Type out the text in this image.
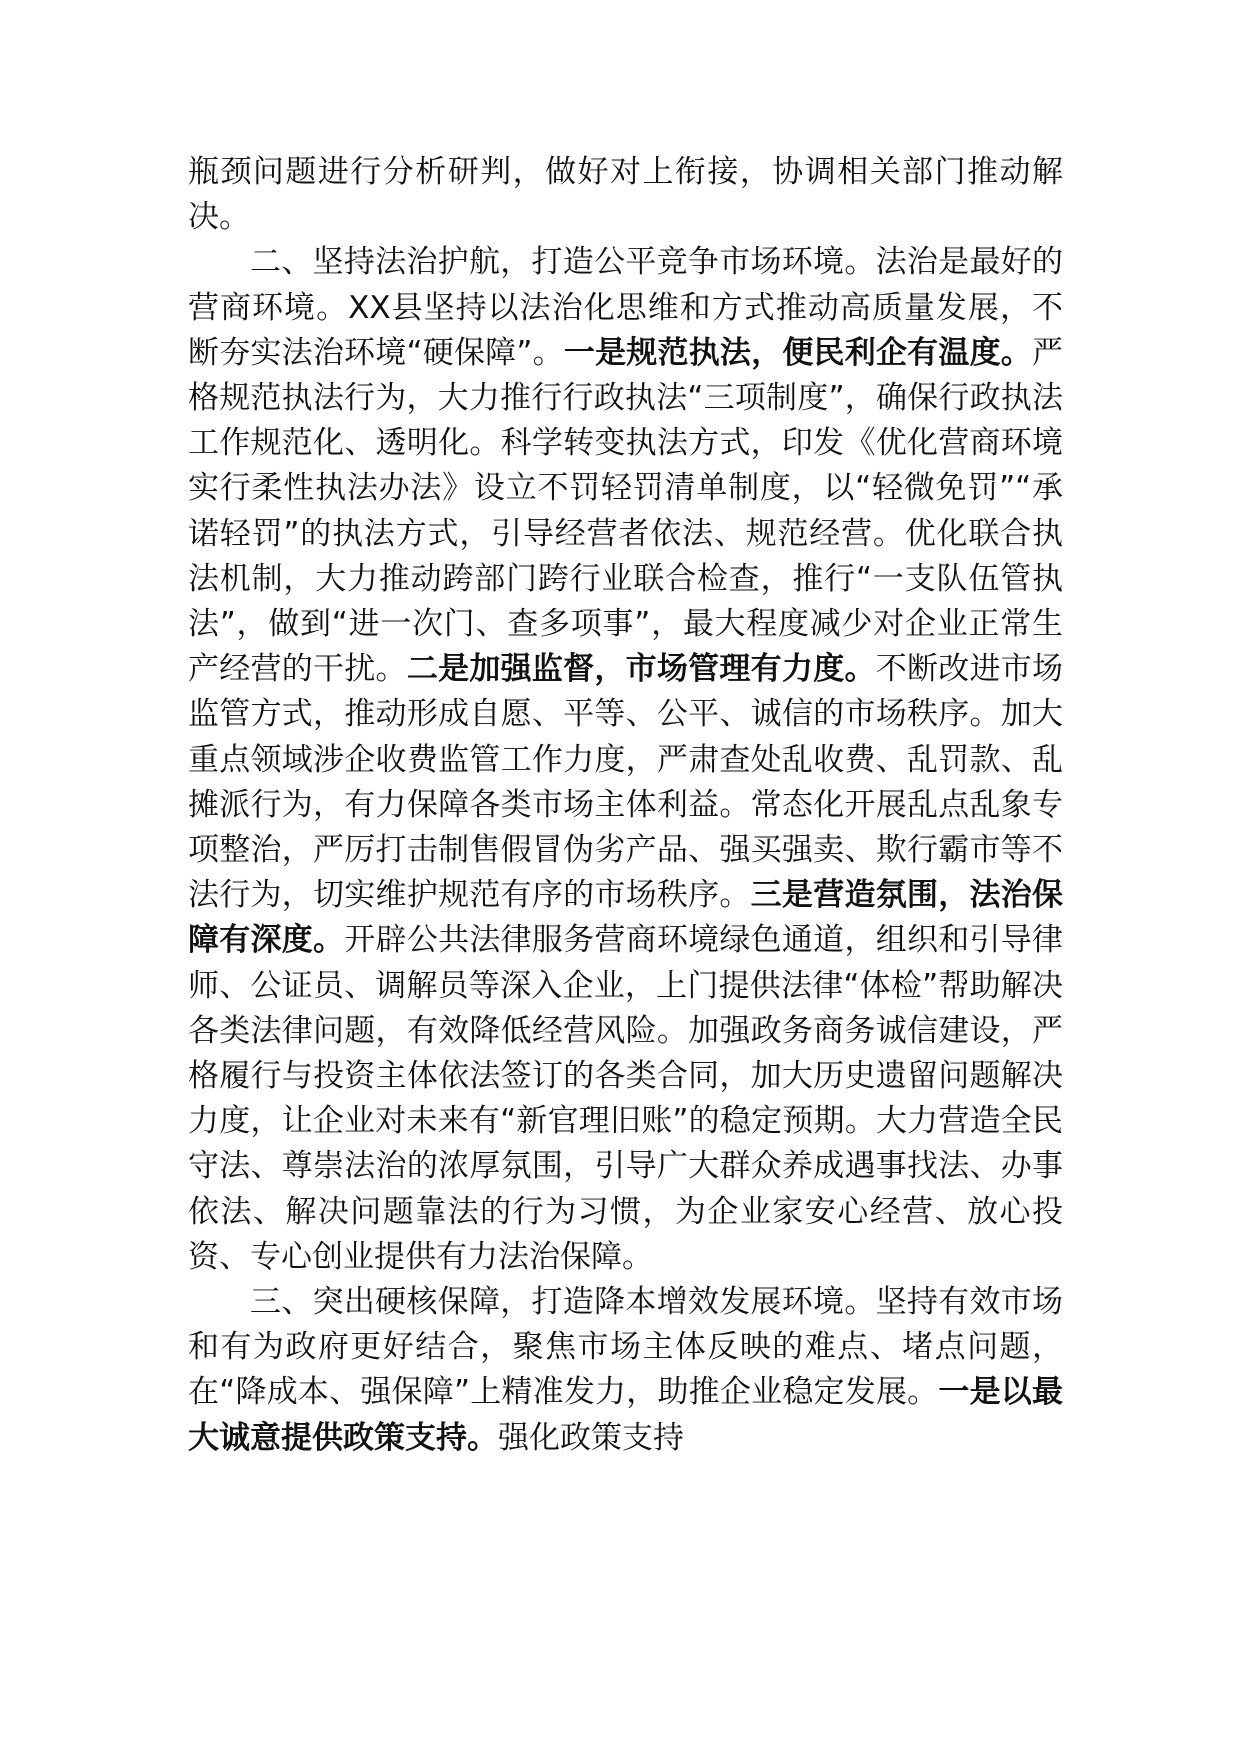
瓶颈问题进行分析研判，做好对上衔接，协调相关部门推动解决。

二、坚持法治护航，打造公平竞争市场环境。法治是最好的营商环境。XX县坚持以法治化思维和方式推动高质量发展，不断夯实法治环境“硬保障”。一是规范执法，便民利企有温度。严格规范执法行为，大力推行行政执法“三项制度”，确保行政执法工作规范化、透明化。科学转变执法方式，印发《优化营商环境实行柔性执法办法》设立不罚轻罚清单制度，以“轻微免罚”“承诺轻罚”的执法方式，引导经营者依法、规范经营。优化联合执法机制，大力推动跨部门跨行业联合检查，推行“一支队伍管执法”，做到“进一次门、查多项事”，最大程度减少对企业正常生产经营的干扰。二是加强监督，市场管理有力度。不断改进市场监管方式，推动形成自愿、平等、公平、诚信的市场秩序。加大重点领域涉企收费监管工作力度，严肃查处乱收费、乱罚款、乱摊派行为，有力保障各类市场主体利益。常态化开展乱点乱象专项整治，严厉打击制售假冒伪劣产品、强买强卖、欺行霸市等不法行为，切实维护规范有序的市场秩序。三是营造氛围，法治保障有深度。开辟公共法律服务营商环境绿色通道，组织和引导律师、公证员、调解员等深入企业，上门提供法律“体检”帮助解决各类法律问题，有效降低经营风险。加强政务商务诚信建设，严格履行与投资主体依法签订的各类合同，加大历史遗留问题解决力度，让企业对未来有“新官理旧账”的稳定预期。大力营造全民守法、尊崇法治的浓厚氛围，引导广大群众养成遇事找法、办事依法、解决问题靠法的行为习惯，为企业家安心经营、放心投资、专心创业提供有力法治保障。

三、突出硬核保障，打造降本增效发展环境。坚持有效市场和有为政府更好结合，聚焦市场主体反映的难点、堵点问题，在“降成本、强保障”上精准发力，助推企业稳定发展。一是以最大诚意提供政策支持。强化政策支持
